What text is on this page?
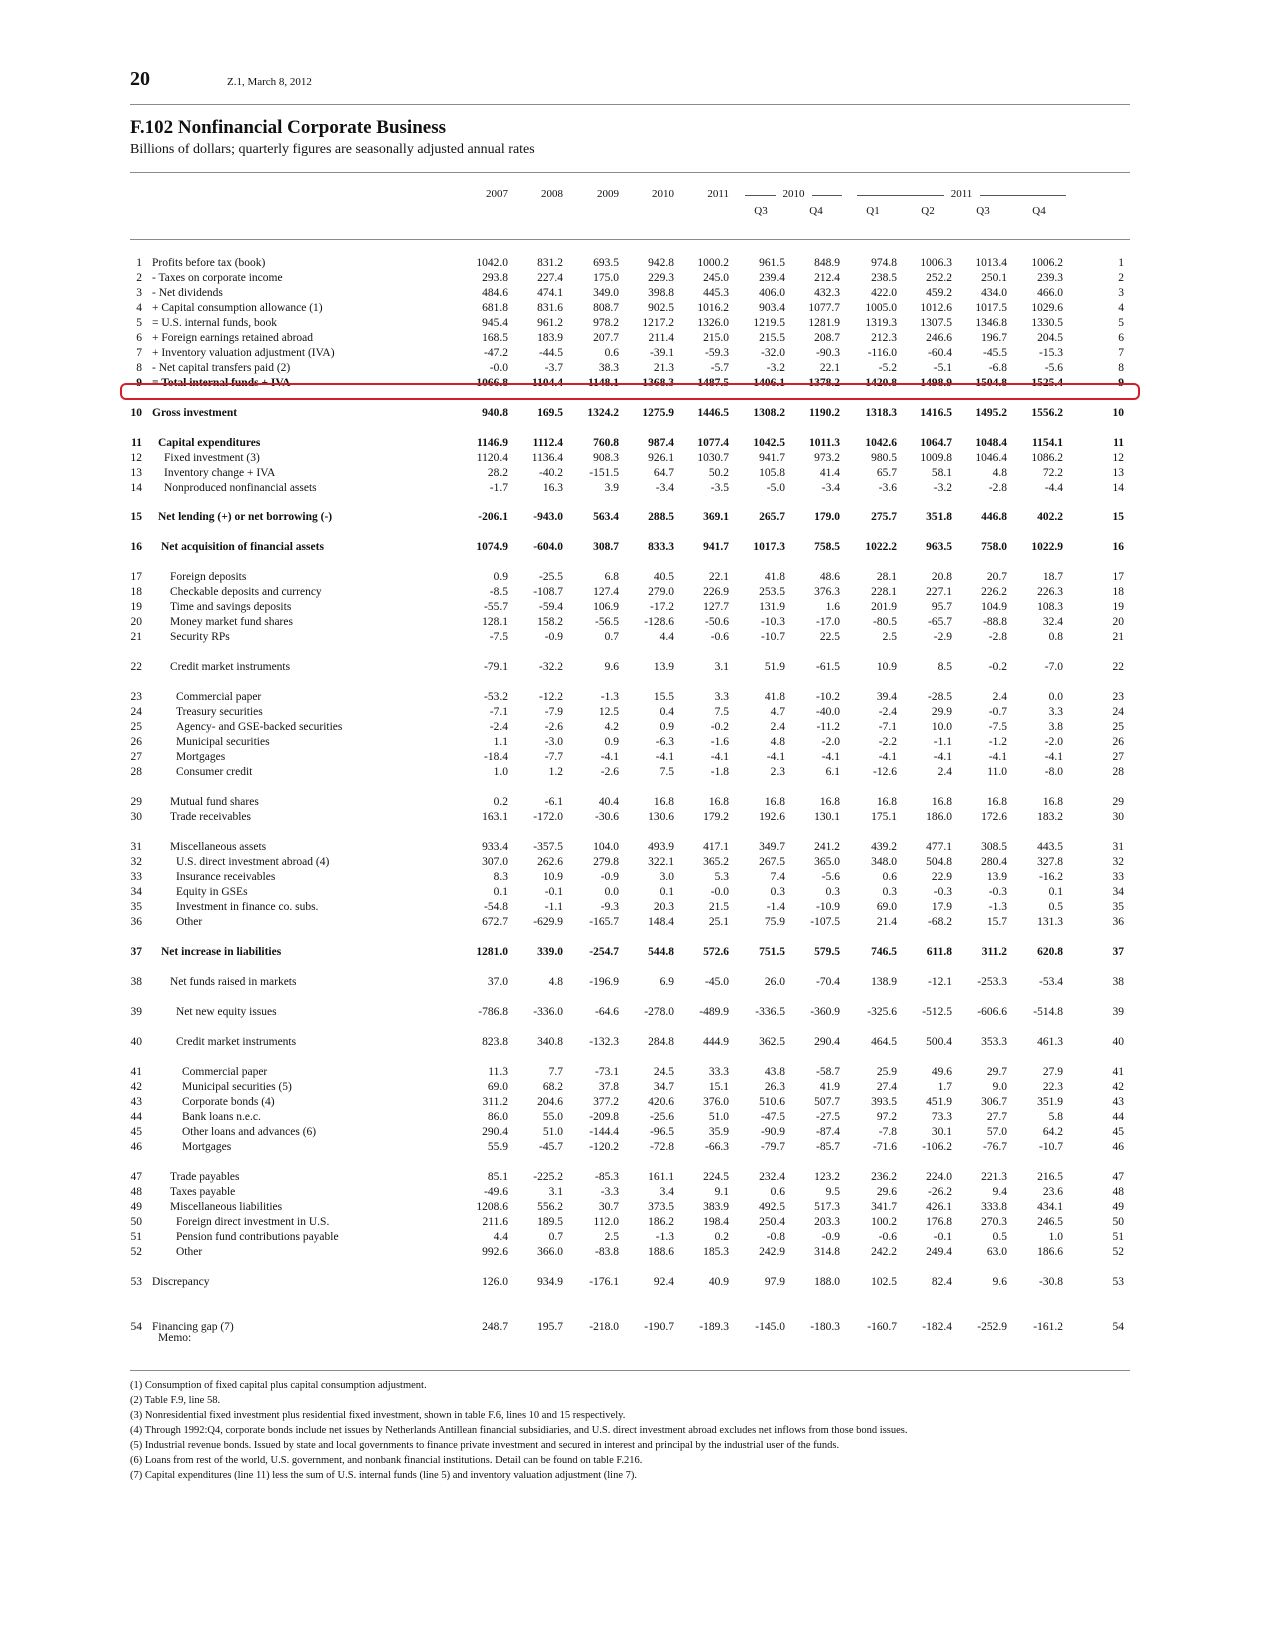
20	Z.1, March 8, 2012
F.102 Nonfinancial Corporate Business
Billions of dollars; quarterly figures are seasonally adjusted annual rates
2007	2008	2009	2010	2011
Q3	Q4	Q1	Q2	Q3	Q4
2010	2011
1 Profits before tax (book)	1042.0	831.2	693.5	942.8	1000.2	961.5	848.9	974.8	1006.3	1013.4	1006.2	1
2 - Taxes on corporate income	293.8	227.4	175.0	229.3	245.0	239.4	212.4	238.5	252.2	250.1	239.3	2
3 - Net dividends	484.6	474.1	349.0	398.8	445.3	406.0	432.3	422.0	459.2	434.0	466.0	3
4 + Capital consumption allowance (1)	681.8	831.6	808.7	902.5	1016.2	903.4	1077.7	1005.0	1012.6	1017.5	1029.6	4
5 = U.S. internal funds, book	945.4	961.2	978.2	1217.2	1326.0	1219.5	1281.9	1319.3	1307.5	1346.8	1330.5	5
6 + Foreign earnings retained abroad	168.5	183.9	207.7	211.4	215.0	215.5	208.7	212.3	246.6	196.7	204.5	6
7 + Inventory valuation adjustment (IVA)	-47.2	-44.5	0.6	-39.1	-59.3	-32.0	-90.3	-116.0	-60.4	-45.5	-15.3	7
8 - Net capital transfers paid (2)	-0.0	-3.7	38.3	21.3	-5.7	-3.2	22.1	-5.2	-5.1	-6.8	-5.6	8
9 = Total internal funds + IVA	1066.8	1104.4	1148.1	1368.3	1487.5	1406.1	1378.2	1420.8	1498.9	1504.8	1525.4	9
10 Gross investment	940.8	169.5	1324.2	1275.9	1446.5	1308.2	1190.2	1318.3	1416.5	1495.2	1556.2	10
11 Capital expenditures	1146.9	1112.4	760.8	987.4	1077.4	1042.5	1011.3	1042.6	1064.7	1048.4	1154.1	11
12 Fixed investment (3)	1120.4	1136.4	908.3	926.1	1030.7	941.7	973.2	980.5	1009.8	1046.4	1086.2	12
13 Inventory change + IVA	28.2	-40.2	-151.5	64.7	50.2	105.8	41.4	65.7	58.1	4.8	72.2	13
14 Nonproduced nonfinancial assets	-1.7	16.3	3.9	-3.4	-3.5	-5.0	-3.4	-3.6	-3.2	-2.8	-4.4	14
15 Net lending (+) or net borrowing (-)	-206.1	-943.0	563.4	288.5	369.1	265.7	179.0	275.7	351.8	446.8	402.2	15
16 Net acquisition of financial assets	1074.9	-604.0	308.7	833.3	941.7	1017.3	758.5	1022.2	963.5	758.0	1022.9	16
17 Foreign deposits	0.9	-25.5	6.8	40.5	22.1	41.8	48.6	28.1	20.8	20.7	18.7	17
18 Checkable deposits and currency	-8.5	-108.7	127.4	279.0	226.9	253.5	376.3	228.1	227.1	226.2	226.3	18
19 Time and savings deposits	-55.7	-59.4	106.9	-17.2	127.7	131.9	1.6	201.9	95.7	104.9	108.3	19
20 Money market fund shares	128.1	158.2	-56.5	-128.6	-50.6	-10.3	-17.0	-80.5	-65.7	-88.8	32.4	20
21 Security RPs	-7.5	-0.9	0.7	4.4	-0.6	-10.7	22.5	2.5	-2.9	-2.8	0.8	21
22 Credit market instruments	-79.1	-32.2	9.6	13.9	3.1	51.9	-61.5	10.9	8.5	-0.2	-7.0	22
23	Commercial paper	-53.2	-12.2	-1.3	15.5	3.3	41.8	-10.2	39.4	-28.5	2.4	0.0	23
24	Treasury securities	-7.1	-7.9	12.5	0.4	7.5	4.7	-40.0	-2.4	29.9	-0.7	3.3	24
25	Agency- and GSE-backed securities	-2.4	-2.6	4.2	0.9	-0.2	2.4	-11.2	-7.1	10.0	-7.5	3.8	25
26	Municipal securities	1.1	-3.0	0.9	-6.3	-1.6	4.8	-2.0	-2.2	-1.1	-1.2	-2.0	26
27	Mortgages	-18.4	-7.7	-4.1	-4.1	-4.1	-4.1	-4.1	-4.1	-4.1	-4.1	-4.1	27
28	Consumer credit	1.0	1.2	-2.6	7.5	-1.8	2.3	6.1	-12.6	2.4	11.0	-8.0	28
29 Mutual fund shares	0.2	-6.1	40.4	16.8	16.8	16.8	16.8	16.8	16.8	16.8	16.8	29
30 Trade receivables	163.1	-172.0	-30.6	130.6	179.2	192.6	130.1	175.1	186.0	172.6	183.2	30
31 Miscellaneous assets	933.4	-357.5	104.0	493.9	417.1	349.7	241.2	439.2	477.1	308.5	443.5	31
32	U.S. direct investment abroad (4)	307.0	262.6	279.8	322.1	365.2	267.5	365.0	348.0	504.8	280.4	327.8	32
33	Insurance receivables	8.3	10.9	-0.9	3.0	5.3	7.4	-5.6	0.6	22.9	13.9	-16.2	33
34	Equity in GSEs	0.1	-0.1	0.0	0.1	-0.0	0.3	0.3	0.3	-0.3	-0.3	0.1	34
35	Investment in finance co. subs.	-54.8	-1.1	-9.3	20.3	21.5	-1.4	-10.9	69.0	17.9	-1.3	0.5	35
36	Other	672.7	-629.9	-165.7	148.4	25.1	75.9	-107.5	21.4	-68.2	15.7	131.3	36
37 Net increase in liabilities	1281.0	339.0	-254.7	544.8	572.6	751.5	579.5	746.5	611.8	311.2	620.8	37
38 Net funds raised in markets	37.0	4.8	-196.9	6.9	-45.0	26.0	-70.4	138.9	-12.1	-253.3	-53.4	38
39	Net new equity issues	-786.8	-336.0	-64.6	-278.0	-489.9	-336.5	-360.9	-325.6	-512.5	-606.6	-514.8	39
40	Credit market instruments	823.8	340.8	-132.3	284.8	444.9	362.5	290.4	464.5	500.4	353.3	461.3	40
41	Commercial paper	11.3	7.7	-73.1	24.5	33.3	43.8	-58.7	25.9	49.6	29.7	27.9	41
42	Municipal securities (5)	69.0	68.2	37.8	34.7	15.1	26.3	41.9	27.4	1.7	9.0	22.3	42
43	Corporate bonds (4)	311.2	204.6	377.2	420.6	376.0	510.6	507.7	393.5	451.9	306.7	351.9	43
44	Bank loans n.e.c.	86.0	55.0	-209.8	-25.6	51.0	-47.5	-27.5	97.2	73.3	27.7	5.8	44
45	Other loans and advances (6)	290.4	51.0	-144.4	-96.5	35.9	-90.9	-87.4	-7.8	30.1	57.0	64.2	45
46	Mortgages	55.9	-45.7	-120.2	-72.8	-66.3	-79.7	-85.7	-71.6	-106.2	-76.7	-10.7	46
47 Trade payables	85.1	-225.2	-85.3	161.1	224.5	232.4	123.2	236.2	224.0	221.3	216.5	47
48 Taxes payable	-49.6	3.1	-3.3	3.4	9.1	0.6	9.5	29.6	-26.2	9.4	23.6	48
49 Miscellaneous liabilities	1208.6	556.2	30.7	373.5	383.9	492.5	517.3	341.7	426.1	333.8	434.1	49
50	Foreign direct investment in U.S.	211.6	189.5	112.0	186.2	198.4	250.4	203.3	100.2	176.8	270.3	246.5	50
51	Pension fund contributions payable	4.4	0.7	2.5	-1.3	0.2	-0.8	-0.9	-0.6	-0.1	0.5	1.0	51
52	Other	992.6	366.0	-83.8	188.6	185.3	242.9	314.8	242.2	249.4	63.0	186.6	52
53 Discrepancy	126.0	934.9	-176.1	92.4	40.9	97.9	188.0	102.5	82.4	9.6	-30.8	53
54 Financing gap (7)	248.7	195.7	-218.0	-190.7	-189.3	-145.0	-180.3	-160.7	-182.4	-252.9	-161.2	54
Memo:
(1) Consumption of fixed capital plus capital consumption adjustment.
(2) Table F.9, line 58.
(3) Nonresidential fixed investment plus residential fixed investment, shown in table F.6, lines 10 and 15 respectively.
(4) Through 1992:Q4, corporate bonds include net issues by Netherlands Antillean financial subsidiaries, and U.S. direct investment abroad excludes net inflows from those bond issues.
(5) Industrial revenue bonds. Issued by state and local governments to finance private investment and secured in interest and principal by the industrial user of the funds.
(6) Loans from rest of the world, U.S. government, and nonbank financial institutions. Detail can be found on table F.216.
(7) Capital expenditures (line 11) less the sum of U.S. internal funds (line 5) and inventory valuation adjustment (line 7).
